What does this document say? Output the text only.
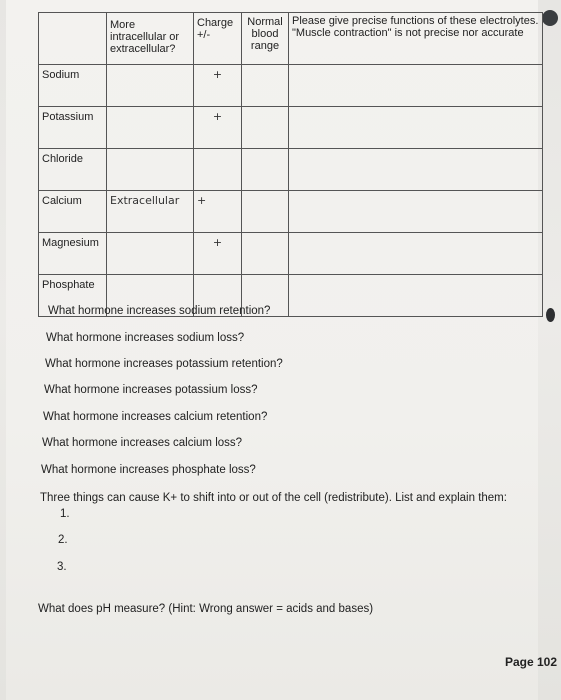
	More intracellular or extracellular?	Charge +/-	Normal blood range	Please give precise functions of these electrolytes. "Muscle contraction" is not precise nor accurate
Sodium		+		
Potassium		+		
Chloride				
Calcium	Extracellular	+		
Magnesium		+		
Phosphate				
What hormone increases sodium retention?
What hormone increases sodium loss?
What hormone increases potassium retention?
What hormone increases potassium loss?
What hormone increases calcium retention?
What hormone increases calcium loss?
What hormone increases phosphate loss?
Three things can cause K+ to shift into or out of the cell (redistribute). List and explain them:
1.
2.
3.
What does pH measure? (Hint: Wrong answer = acids and bases)
Page 102
